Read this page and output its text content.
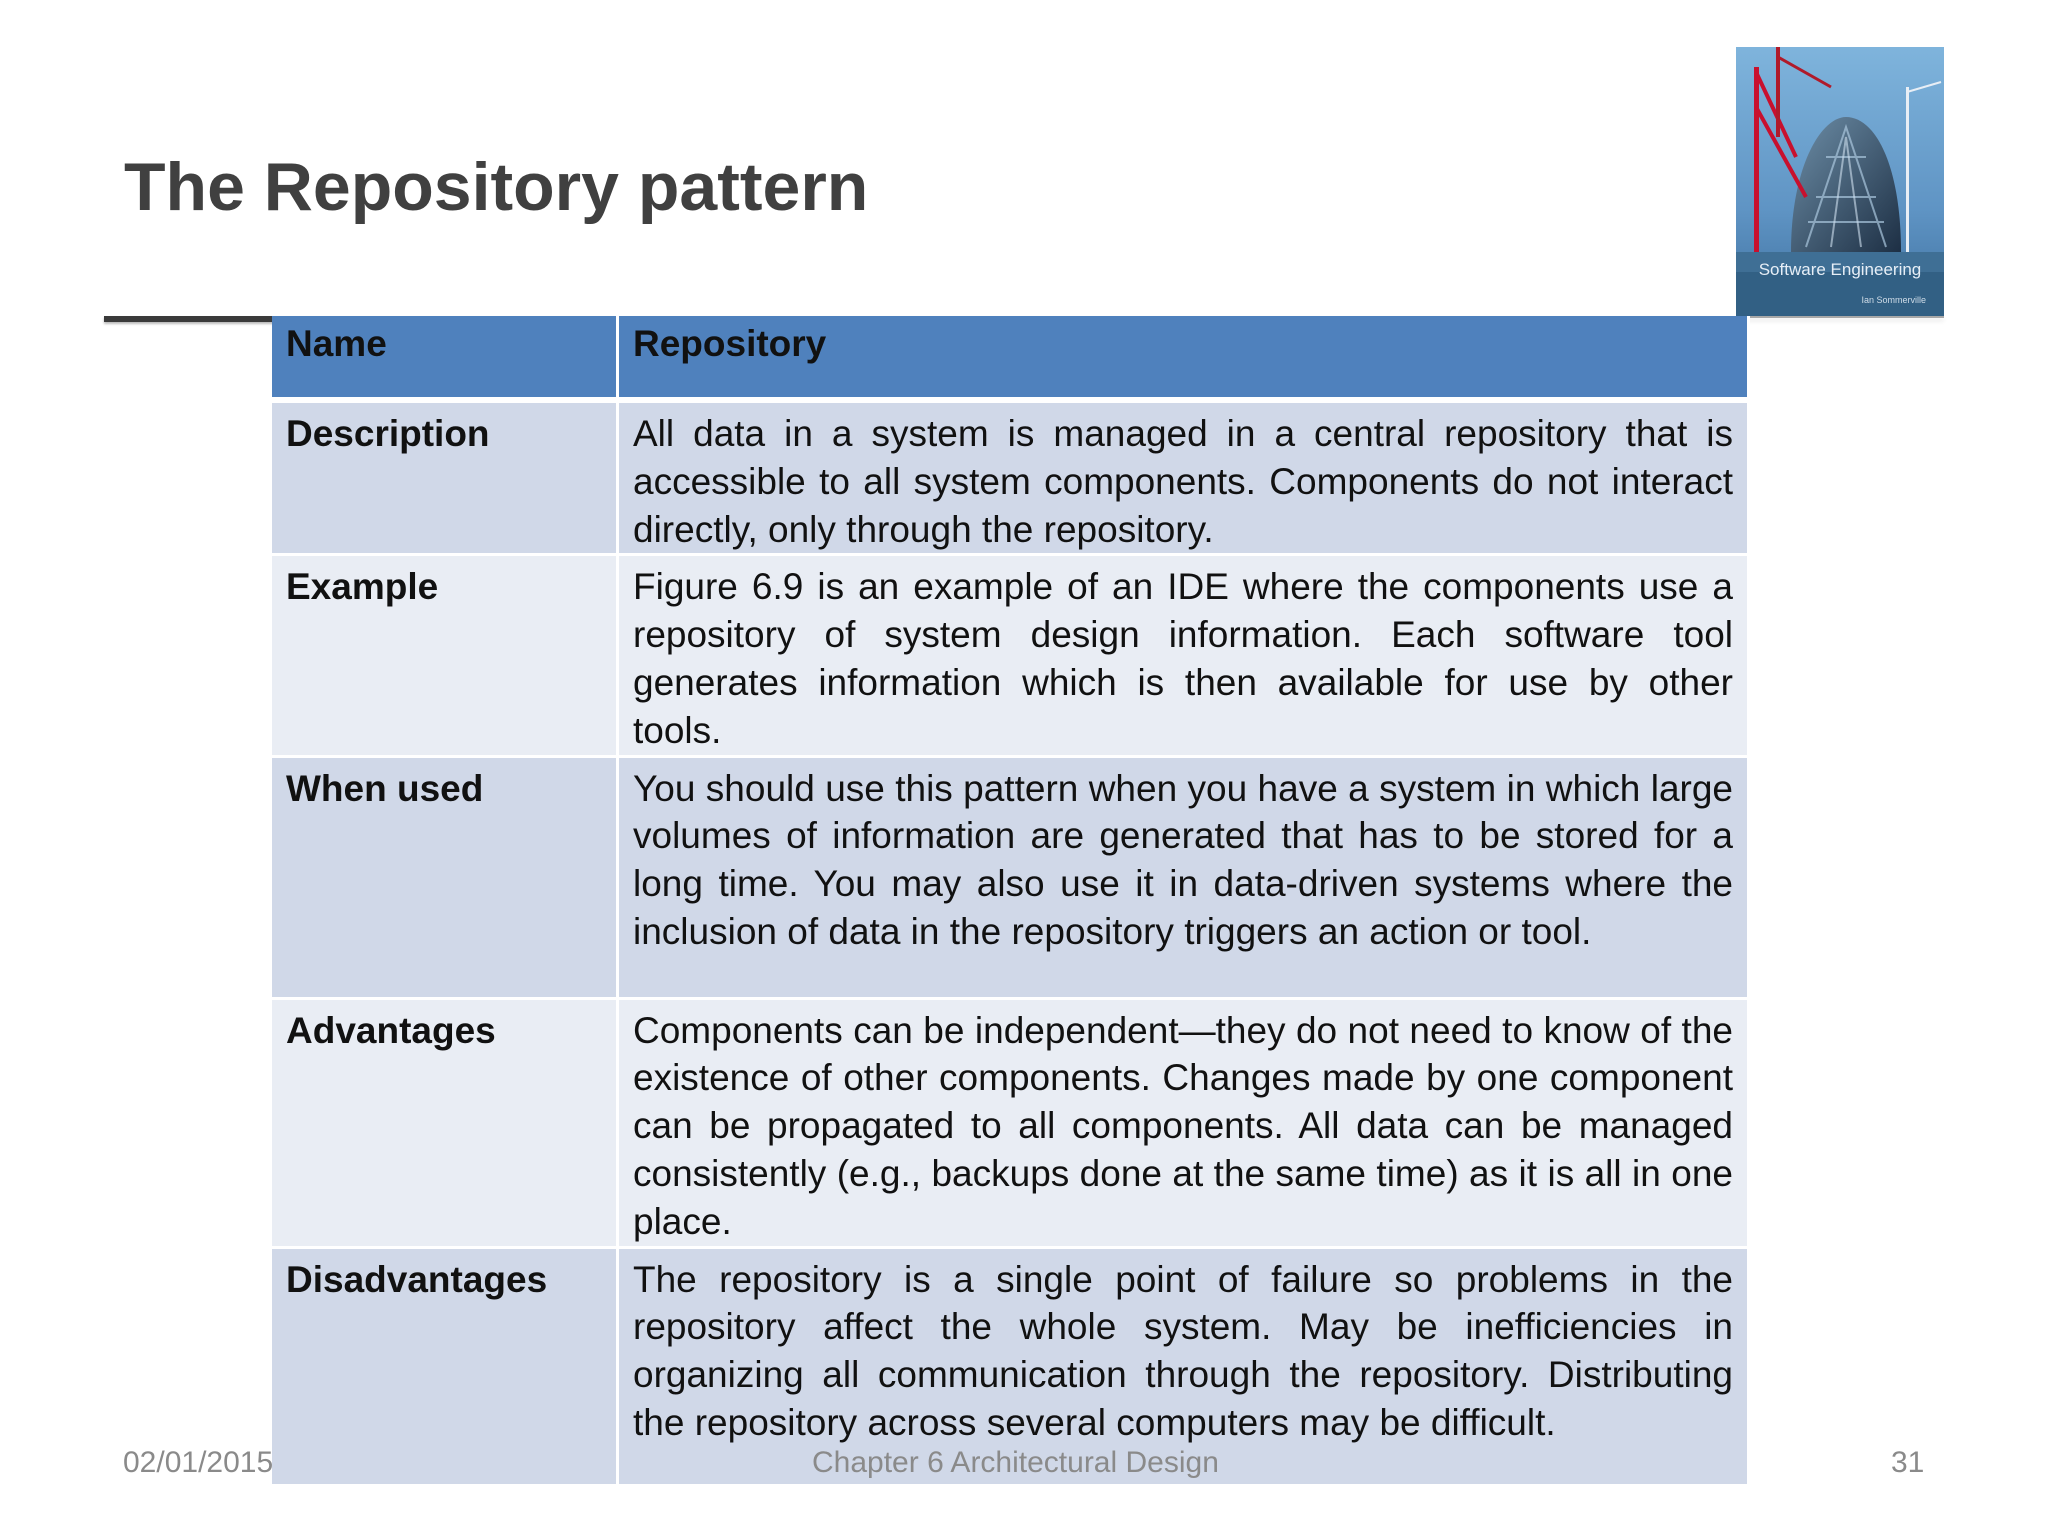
The Repository pattern
Software Engineering
Ian Sommerville
Name	Repository
Description	All data in a system is managed in a central repository that is accessible to all system components. Components do not interact directly, only through the repository.
Example	Figure 6.9 is an example of an IDE where the components use a repository of system design information. Each software tool generates information which is then available for use by other tools.
When used	You should use this pattern when you have a system in which large volumes of information are generated that has to be stored for a long time. You may also use it in data-driven systems where the inclusion of data in the repository triggers an action or tool.
Advantages	Components can be independent—they do not need to know of the existence of other components. Changes made by one component can be propagated to all components. All data can be managed consistently (e.g., backups done at the same time) as it is all in one place.
Disadvantages	The repository is a single point of failure so problems in the repository affect the whole system. May be inefficiencies in organizing all communication through the repository. Distributing the repository across several computers may be difficult.
02/01/2015	Chapter 6 Architectural Design	31
